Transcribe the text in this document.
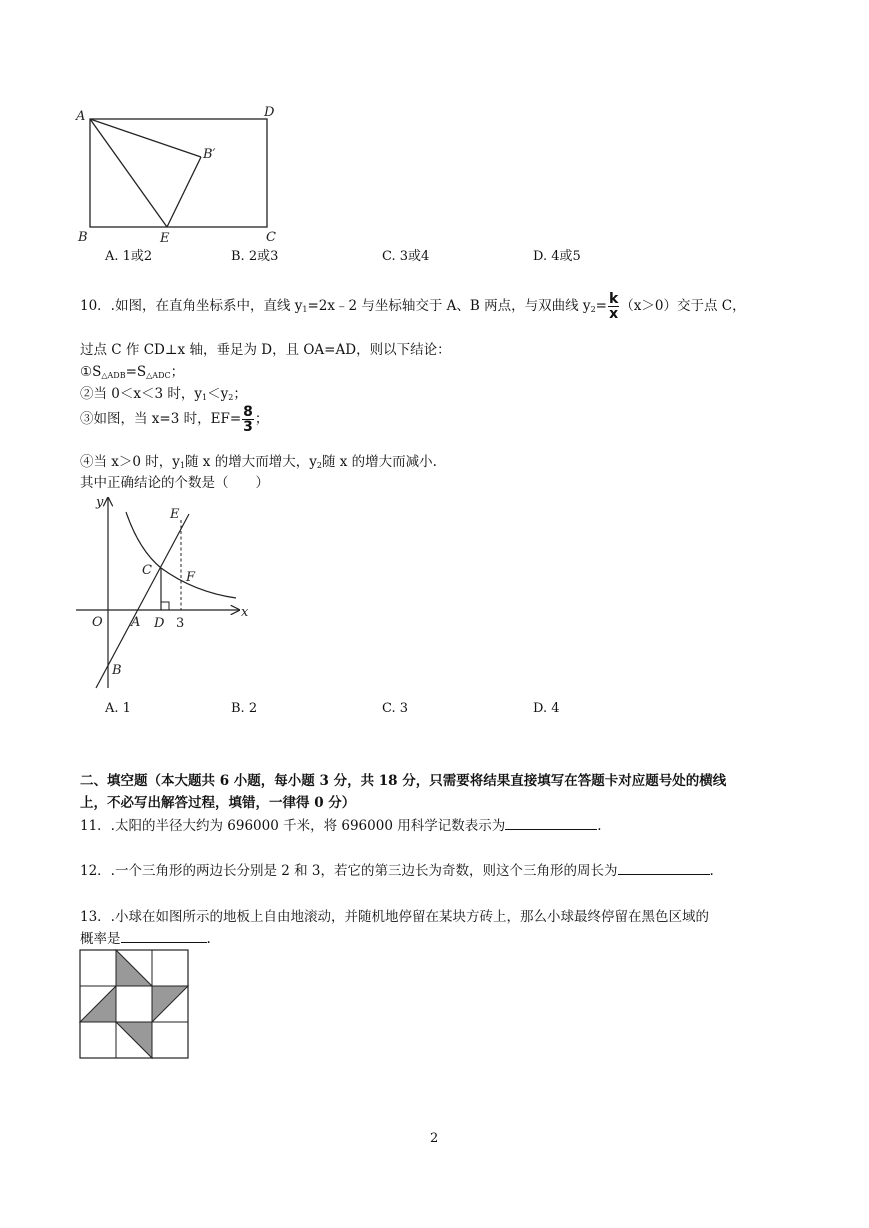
A	D
B′
B	E	C
A. 1或2	B. 2或3	C. 3或4	D. 4或5
10．.如图，在直角坐标系中，直线 $y_1=2x﹣2$ 与坐标轴交于 A、B 两点，与双曲线 $y_2= \frac{k}{x} (x>0)$交于点 C，
过点 C 作 CD⊥x 轴，垂足为 D，且 OA=AD，则以下结论：
$①S_{\triangle ADB}=S_{\triangle ADC}$；
②当 0＜x＜3 时，$y_1<y_2$；
③如图，当 x=3 时，$EF= \frac{8}{3}$ ；
④当 x＞0 时，$y_1$随 x 的增大而增大，$y_2$随 x 的增大而减小.
其中正确结论的个数是（　　）
y
E
C	F
x
O A D 3
B
A. 1	B. 2	C. 3	D. 4
二、填空题（本大题共 6 小题，每小题 3 分，共 18 分，只需要将结果直接填写在答题卡对应题号处的横线
上，不必写出解答过程，填错，一律得 0 分）
11．.太阳的半径大约为 696000 千米，将 696000 用科学记数表示为	.
12．.一个三角形的两边长分别是 2 和 3，若它的第三边长为奇数，则这个三角形的周长为	.
13．.小球在如图所示的地板上自由地滚动，并随机地停留在某块方砖上，那么小球最终停留在黑色区域的
概率是	.
2
